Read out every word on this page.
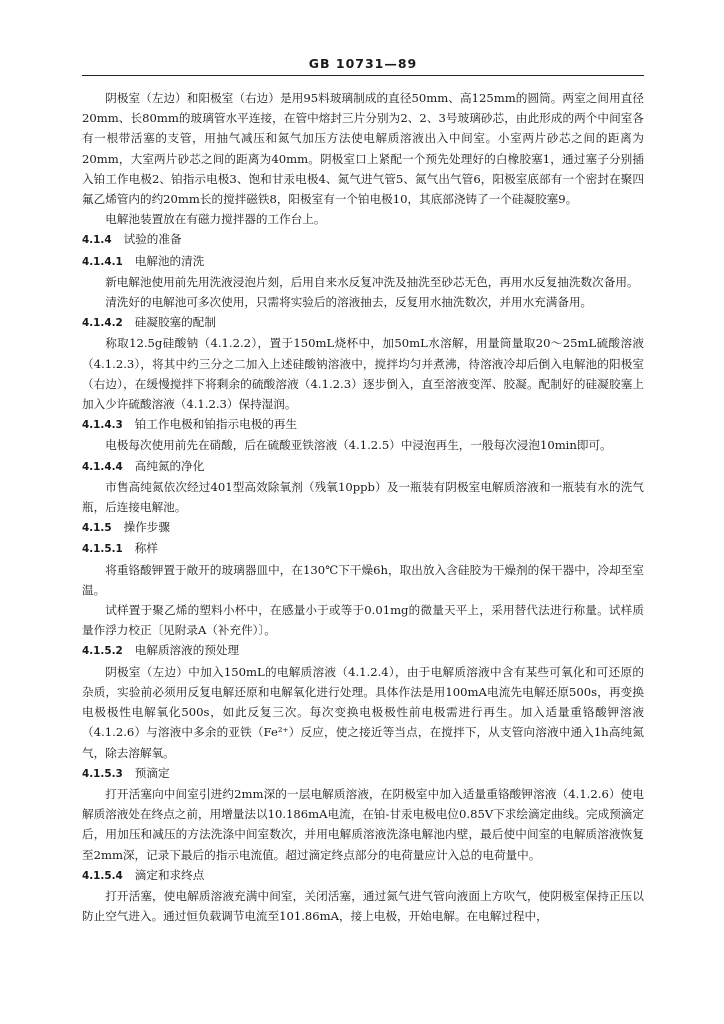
GB 10731—89

阴极室（左边）和阳极室（右边）是用95料玻璃制成的直径50mm、高125mm的圆筒。两室之间用直径20mm、长80mm的玻璃管水平连接，在管中熔封三片分别为2、2、3号玻璃砂芯，由此形成的两个中间室各有一根带活塞的支管，用抽气减压和氮气加压方法使电解质溶液出入中间室。小室两片砂芯之间的距离为20mm，大室两片砂芯之间的距离为40mm。阴极室口上紧配一个预先处理好的白橡胶塞1，通过塞子分别插入铂工作电极2、铂指示电极3、饱和甘汞电极4、氮气进气管5、氮气出气管6，阳极室底部有一个密封在聚四氟乙烯管内的约20mm长的搅拌磁铁8，阳极室有一个铂电极10，其底部浇铸了一个硅凝胶塞9。

电解池装置放在有磁力搅拌器的工作台上。

4.1.4 试验的准备

4.1.4.1 电解池的清洗

新电解池使用前先用洗液浸泡片刻，后用自来水反复冲洗及抽洗至砂芯无色，再用水反复抽洗数次备用。

清洗好的电解池可多次使用，只需将实验后的溶液抽去，反复用水抽洗数次，并用水充满备用。

4.1.4.2 硅凝胶塞的配制

称取12.5g硅酸钠（4.1.2.2），置于150mL烧杯中，加50mL水溶解，用量筒量取20～25mL硫酸溶液（4.1.2.3），将其中约三分之二加入上述硅酸钠溶液中，搅拌均匀并煮沸，待溶液冷却后倒入电解池的阳极室（右边），在缓慢搅拌下将剩余的硫酸溶液（4.1.2.3）逐步倒入，直至溶液变浑、胶凝。配制好的硅凝胶塞上加入少许硫酸溶液（4.1.2.3）保持湿润。

4.1.4.3 铂工作电极和铂指示电极的再生

电极每次使用前先在硝酸，后在硫酸亚铁溶液（4.1.2.5）中浸泡再生，一般每次浸泡10min即可。

4.1.4.4 高纯氮的净化

市售高纯氮依次经过401型高效除氧剂（残氧10ppb）及一瓶装有阴极室电解质溶液和一瓶装有水的洗气瓶，后连接电解池。

4.1.5 操作步骤

4.1.5.1 称样

将重铬酸钾置于敞开的玻璃器皿中，在130℃下干燥6h，取出放入含硅胶为干燥剂的保干器中，冷却至室温。

试样置于聚乙烯的塑料小杯中，在感量小于或等于0.01mg的微量天平上，采用替代法进行称量。试样质量作浮力校正〔见附录A（补充件）〕。

4.1.5.2 电解质溶液的预处理

阴极室（左边）中加入150mL的电解质溶液（4.1.2.4），由于电解质溶液中含有某些可氧化和可还原的杂质，实验前必须用反复电解还原和电解氧化进行处理。具体作法是用100mA电流先电解还原500s，再变换电极极性电解氧化500s，如此反复三次。每次变换电极极性前电极需进行再生。加入适量重铬酸钾溶液（4.1.2.6）与溶液中多余的亚铁（Fe²⁺）反应，使之接近等当点，在搅拌下，从支管向溶液中通入1h高纯氮气，除去溶解氧。

4.1.5.3 预滴定

打开活塞向中间室引进约2mm深的一层电解质溶液，在阴极室中加入适量重铬酸钾溶液（4.1.2.6）使电解质溶液处在终点之前，用增量法以10.186mA电流，在铂-甘汞电极电位0.85V下求绘滴定曲线。完成预滴定后，用加压和减压的方法洗涤中间室数次，并用电解质溶液洗涤电解池内壁，最后使中间室的电解质溶液恢复至2mm深，记录下最后的指示电流值。超过滴定终点部分的电荷量应计入总的电荷量中。

4.1.5.4 滴定和求终点

打开活塞，使电解质溶液充满中间室，关闭活塞，通过氮气进气管向液面上方吹气，使阴极室保持正压以防止空气进入。通过恒负载调节电流至101.86mA，接上电极，开始电解。在电解过程中，
